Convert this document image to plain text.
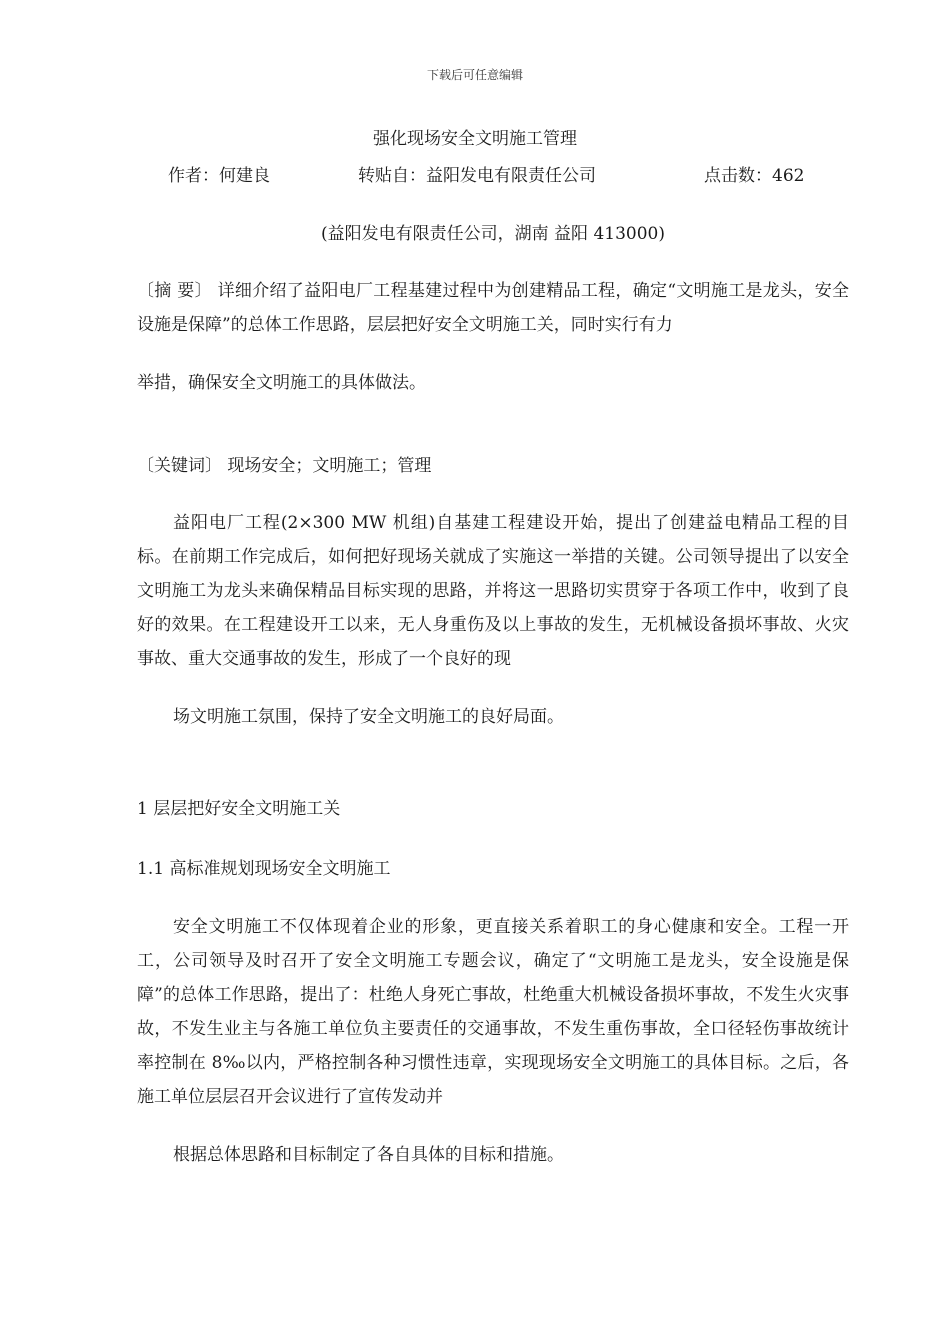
下载后可任意编辑
强化现场安全文明施工管理
作者：何建良	转贴自：益阳发电有限责任公司	点击数：462
(益阳发电有限责任公司，湖南 益阳 413000)
〔摘 要〕 详细介绍了益阳电厂工程基建过程中为创建精品工程，确定“文明施工是龙头，安全设施是保障”的总体工作思路，层层把好安全文明施工关，同时实行有力
举措，确保安全文明施工的具体做法。
〔关键词〕 现场安全；文明施工；管理
益阳电厂工程(2×300 MW 机组)自基建工程建设开始，提出了创建益电精品工程的目标。在前期工作完成后，如何把好现场关就成了实施这一举措的关键。公司领导提出了以安全文明施工为龙头来确保精品目标实现的思路，并将这一思路切实贯穿于各项工作中，收到了良好的效果。在工程建设开工以来，无人身重伤及以上事故的发生，无机械设备损坏事故、火灾事故、重大交通事故的发生，形成了一个良好的现
场文明施工氛围，保持了安全文明施工的良好局面。
1 层层把好安全文明施工关
1.1 高标准规划现场安全文明施工
安全文明施工不仅体现着企业的形象，更直接关系着职工的身心健康和安全。工程一开工，公司领导及时召开了安全文明施工专题会议，确定了“文明施工是龙头，安全设施是保障”的总体工作思路，提出了：杜绝人身死亡事故，杜绝重大机械设备损坏事故，不发生火灾事故，不发生业主与各施工单位负主要责任的交通事故，不发生重伤事故，全口径轻伤事故统计率控制在 8‰以内，严格控制各种习惯性违章，实现现场安全文明施工的具体目标。之后，各施工单位层层召开会议进行了宣传发动并
根据总体思路和目标制定了各自具体的目标和措施。
